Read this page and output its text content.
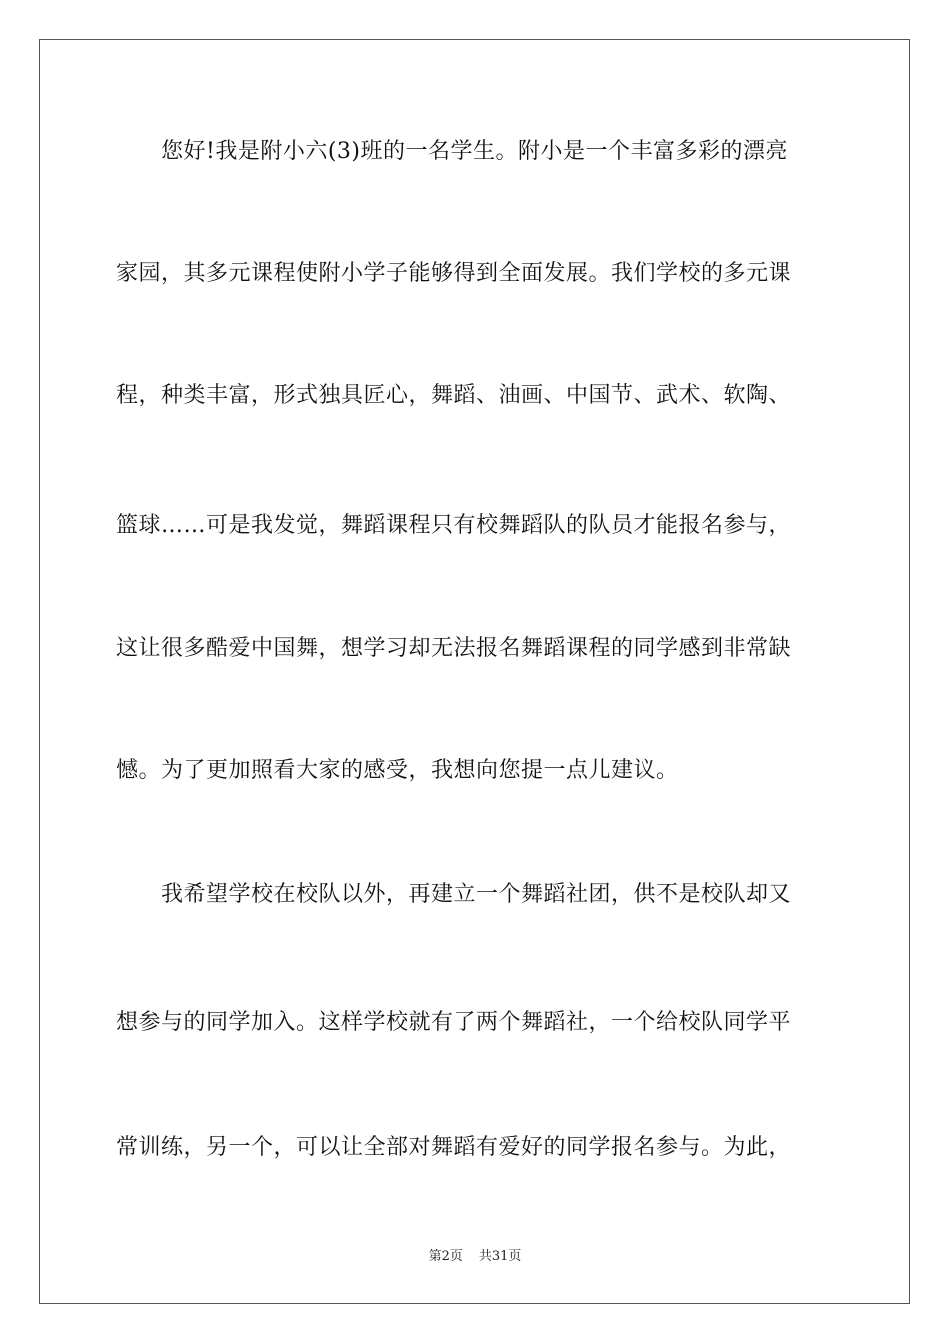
　　您好!我是附小六(3)班的一名学生。附小是一个丰富多彩的漂亮
家园，其多元课程使附小学子能够得到全面发展。我们学校的多元课
程，种类丰富，形式独具匠心，舞蹈、油画、中国节、武术、软陶、
篮球……可是我发觉，舞蹈课程只有校舞蹈队的队员才能报名参与，
这让很多酷爱中国舞，想学习却无法报名舞蹈课程的同学感到非常缺
憾。为了更加照看大家的感受，我想向您提一点儿建议。
　　我希望学校在校队以外，再建立一个舞蹈社团，供不是校队却又
想参与的同学加入。这样学校就有了两个舞蹈社，一个给校队同学平
常训练，另一个，可以让全部对舞蹈有爱好的同学报名参与。为此，
第2页 共31页
